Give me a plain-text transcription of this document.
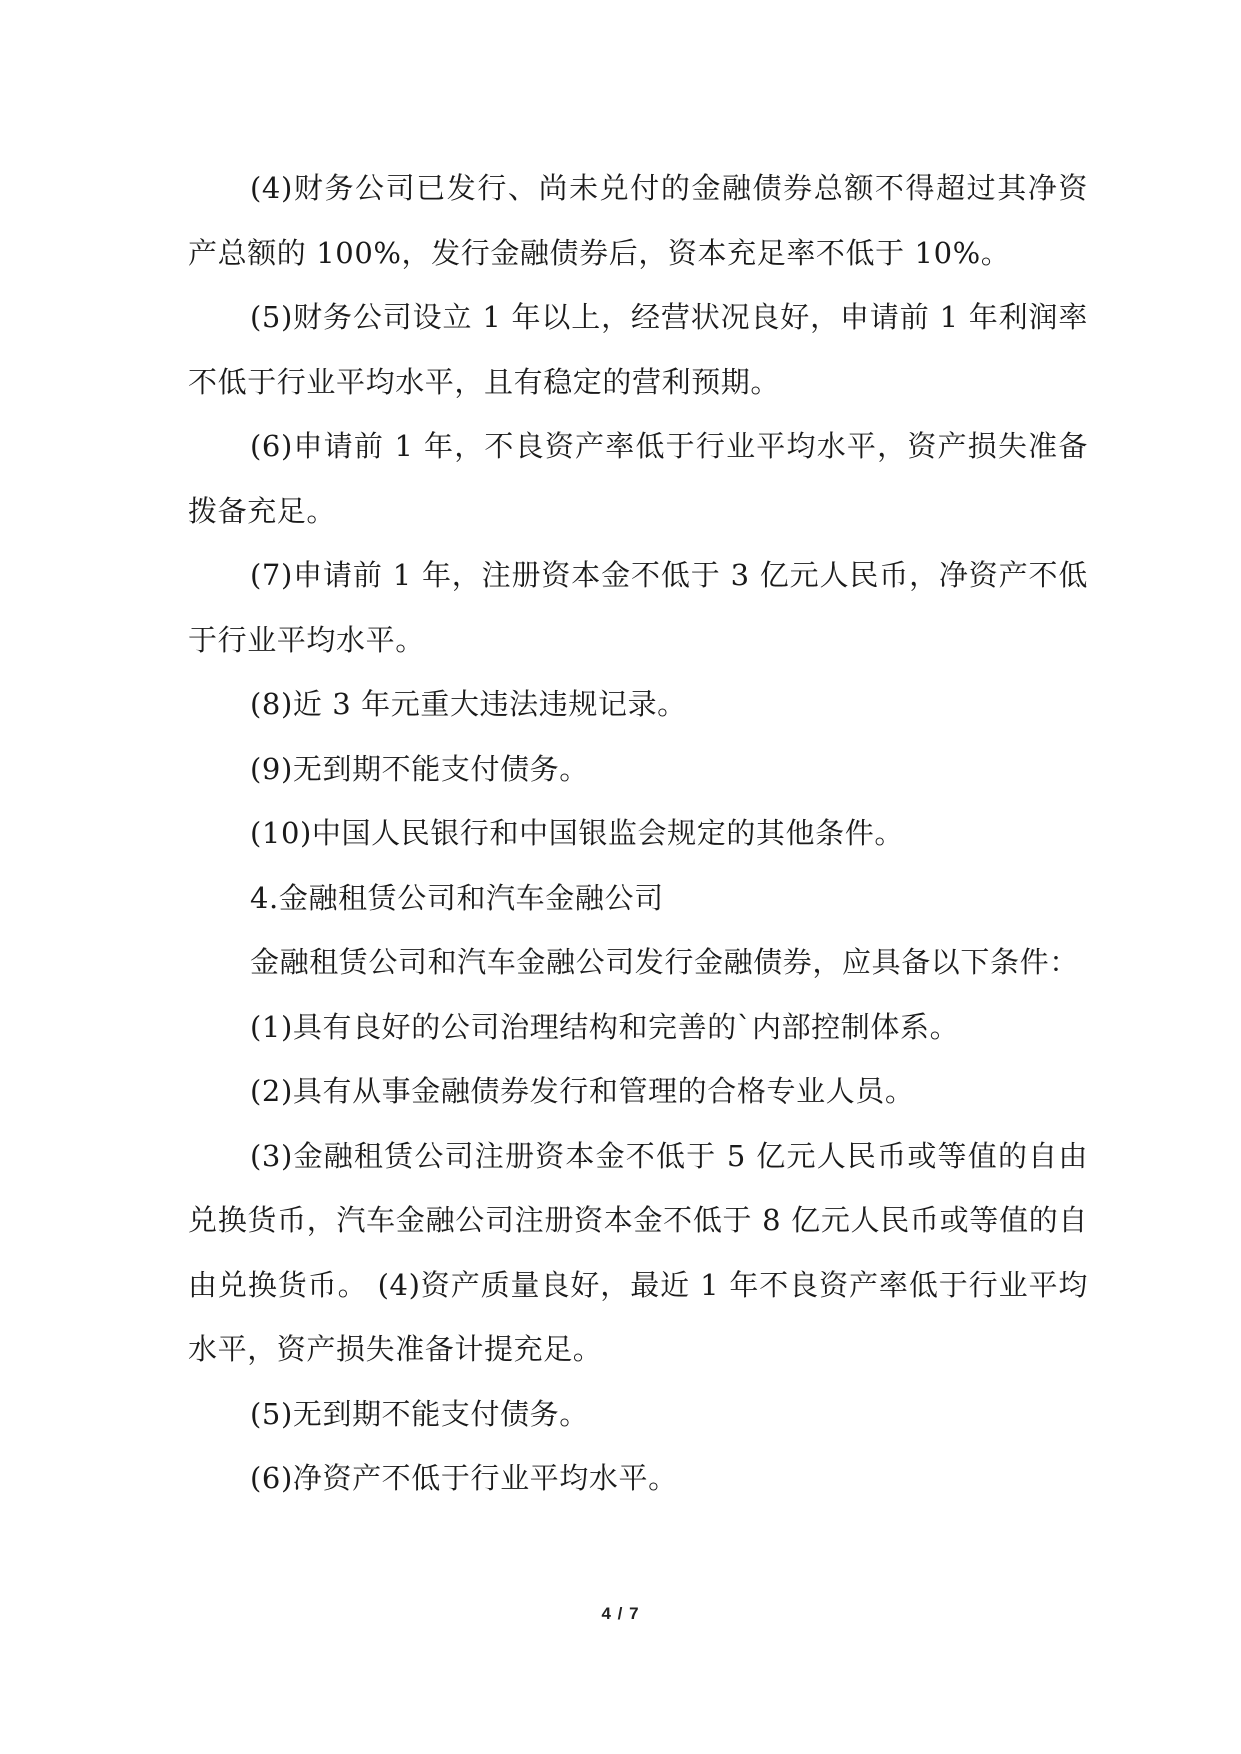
(4)财务公司已发行、尚未兑付的金融债券总额不得超过其净资产总额的 100%，发行金融债券后，资本充足率不低于 10%。

(5)财务公司设立 1 年以上，经营状况良好，申请前 1 年利润率不低于行业平均水平，且有稳定的营利预期。

(6)申请前 1 年，不良资产率低于行业平均水平，资产损失准备拨备充足。

(7)申请前 1 年，注册资本金不低于 3 亿元人民币，净资产不低于行业平均水平。

(8)近 3 年元重大违法违规记录。

(9)无到期不能支付债务。

(10)中国人民银行和中国银监会规定的其他条件。

4.金融租赁公司和汽车金融公司

金融租赁公司和汽车金融公司发行金融债券，应具备以下条件：

(1)具有良好的公司治理结构和完善的`内部控制体系。

(2)具有从事金融债券发行和管理的合格专业人员。

(3)金融租赁公司注册资本金不低于 5 亿元人民币或等值的自由兑换货币，汽车金融公司注册资本金不低于 8 亿元人民币或等值的自由兑换货币。 (4)资产质量良好，最近 1 年不良资产率低于行业平均水平，资产损失准备计提充足。

(5)无到期不能支付债务。

(6)净资产不低于行业平均水平。

4 / 7
